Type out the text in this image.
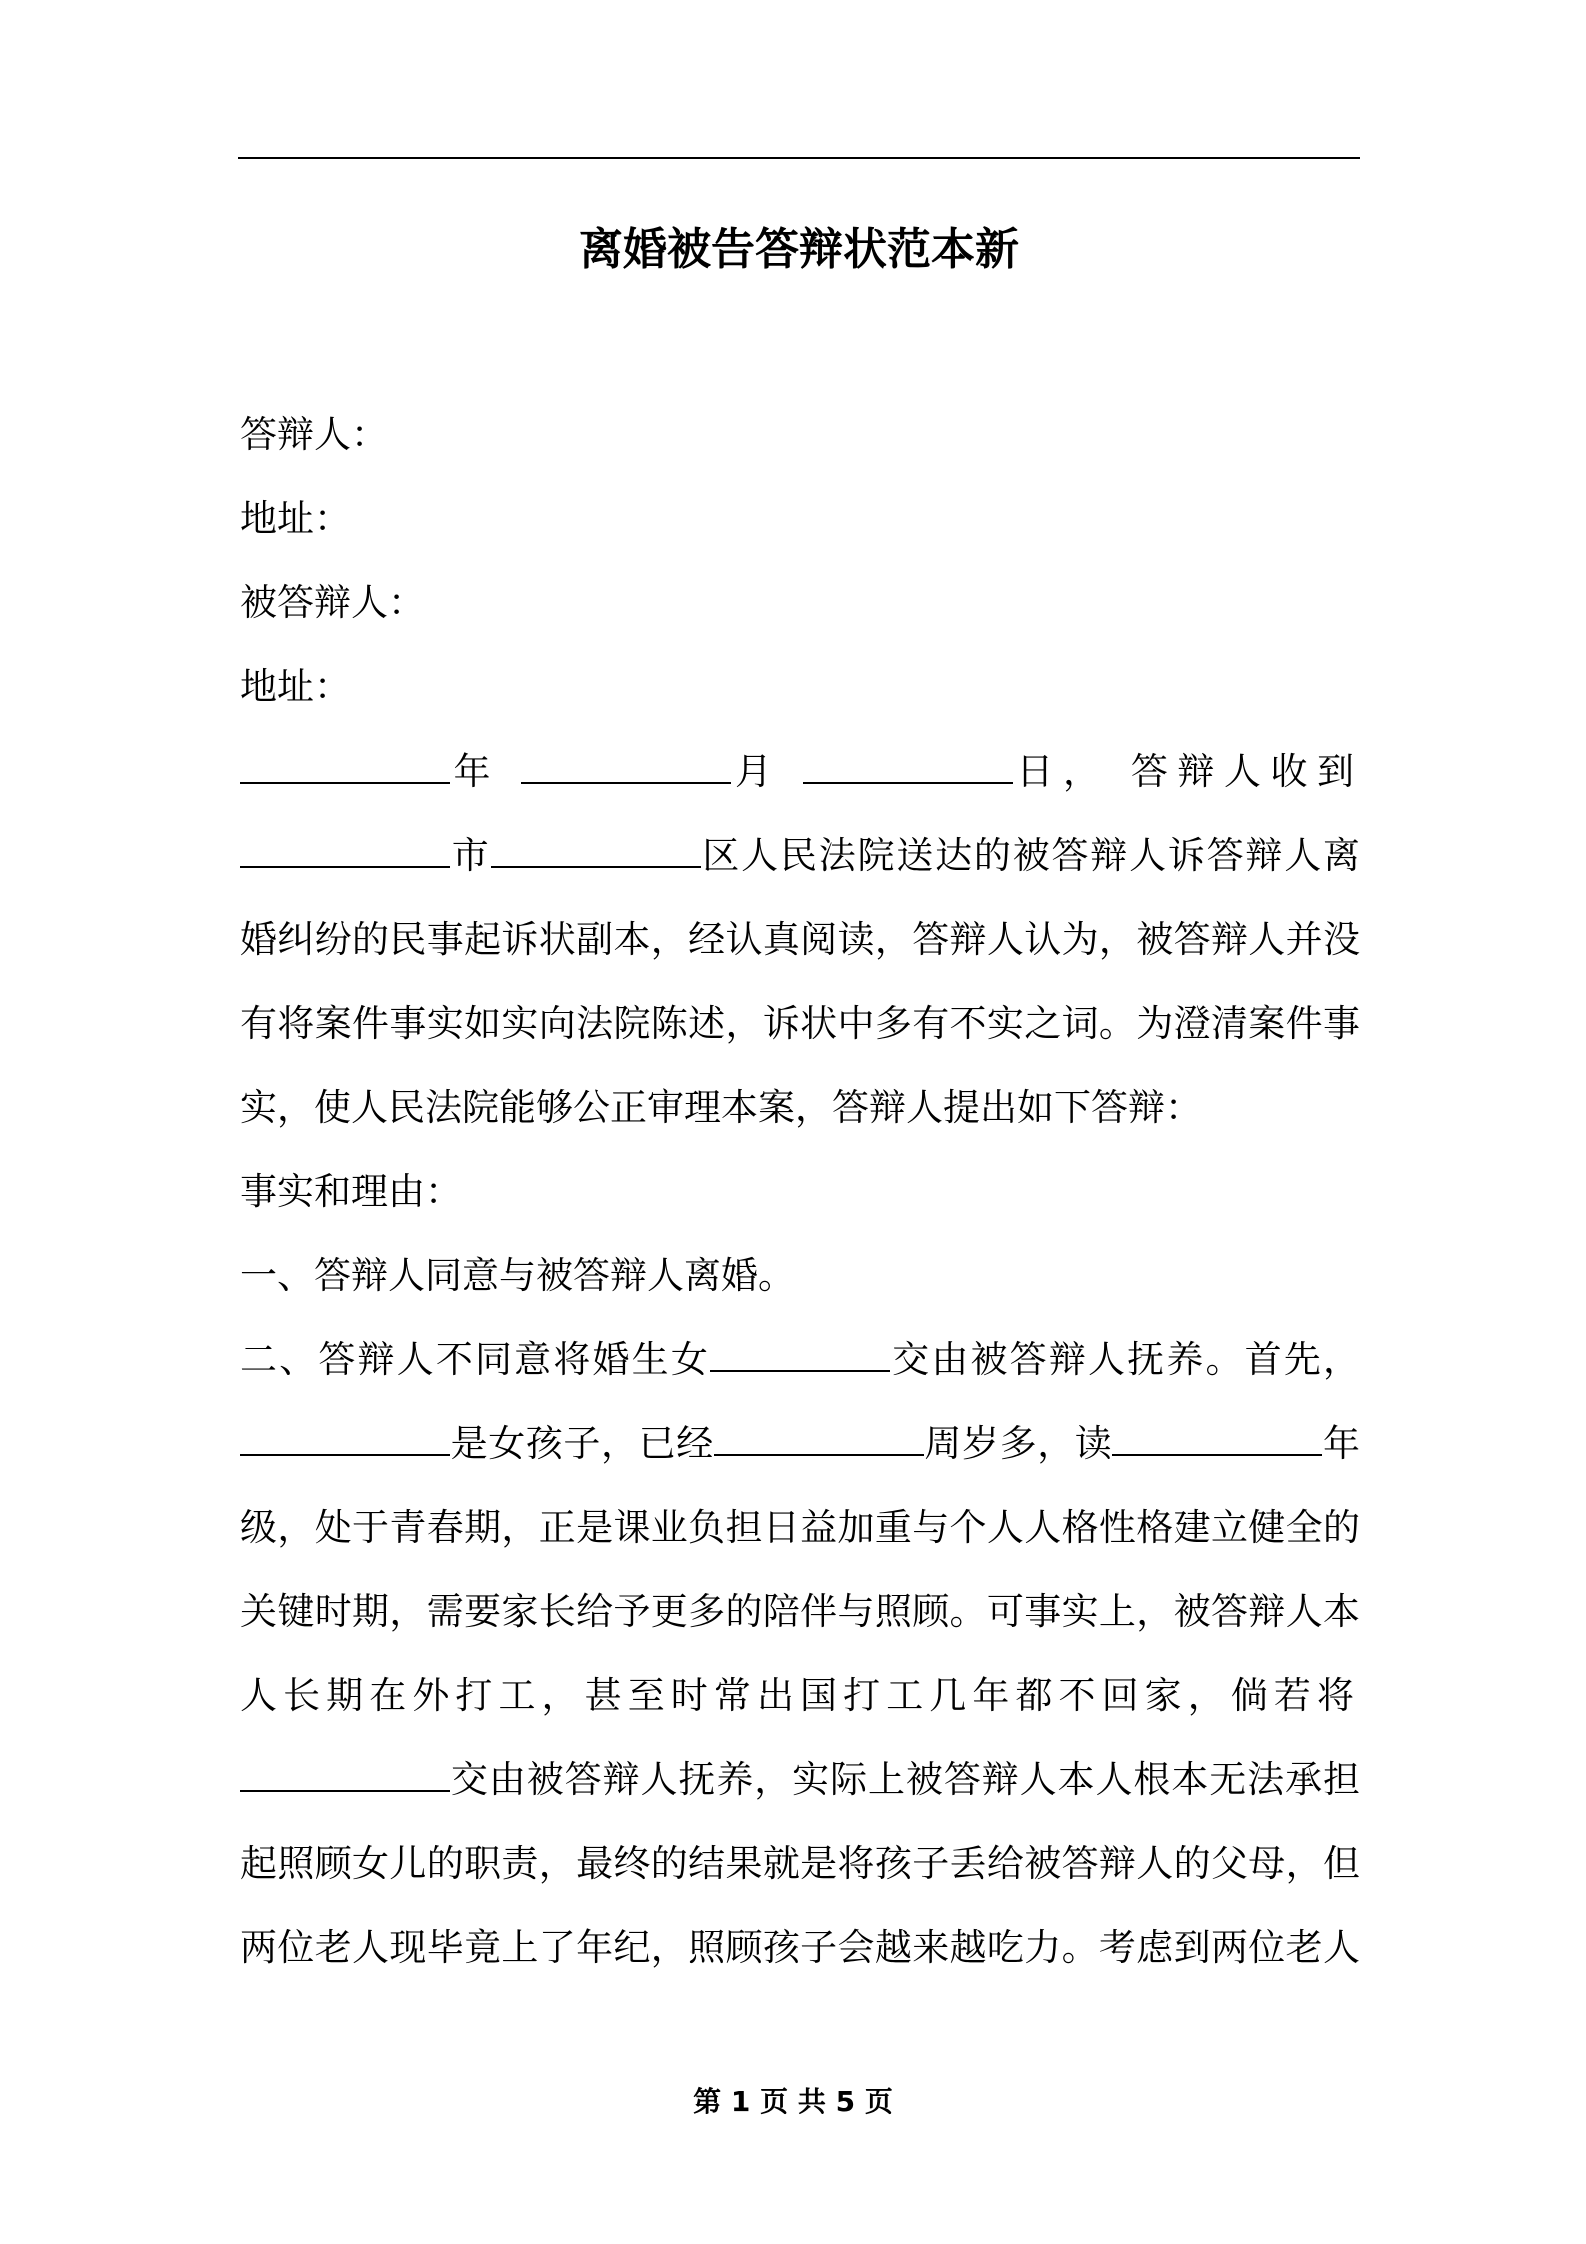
离婚被告答辩状范本新
答辩人：
地址：
被答辩人：
地址：
年	月	日， 答辩人收到
市	区人民法院送达的被答辩人诉答辩人离
婚纠纷的民事起诉状副本，经认真阅读，答辩人认为，被答辩人并没
有将案件事实如实向法院陈述，诉状中多有不实之词。为澄清案件事
实，使人民法院能够公正审理本案，答辩人提出如下答辩：
事实和理由：
一、答辩人同意与被答辩人离婚。
二、答辩人不同意将婚生女	交由被答辩人抚养。首先，
是女孩子，已经	周岁多，读	年
级，处于青春期，正是课业负担日益加重与个人人格性格建立健全的
关键时期，需要家长给予更多的陪伴与照顾。可事实上，被答辩人本
人长期在外打工，甚至时常出国打工几年都不回家，倘若将
交由被答辩人抚养，实际上被答辩人本人根本无法承担
起照顾女儿的职责，最终的结果就是将孩子丢给被答辩人的父母，但
两位老人现毕竟上了年纪，照顾孩子会越来越吃力。考虑到两位老人
第 1 页 共 5 页
